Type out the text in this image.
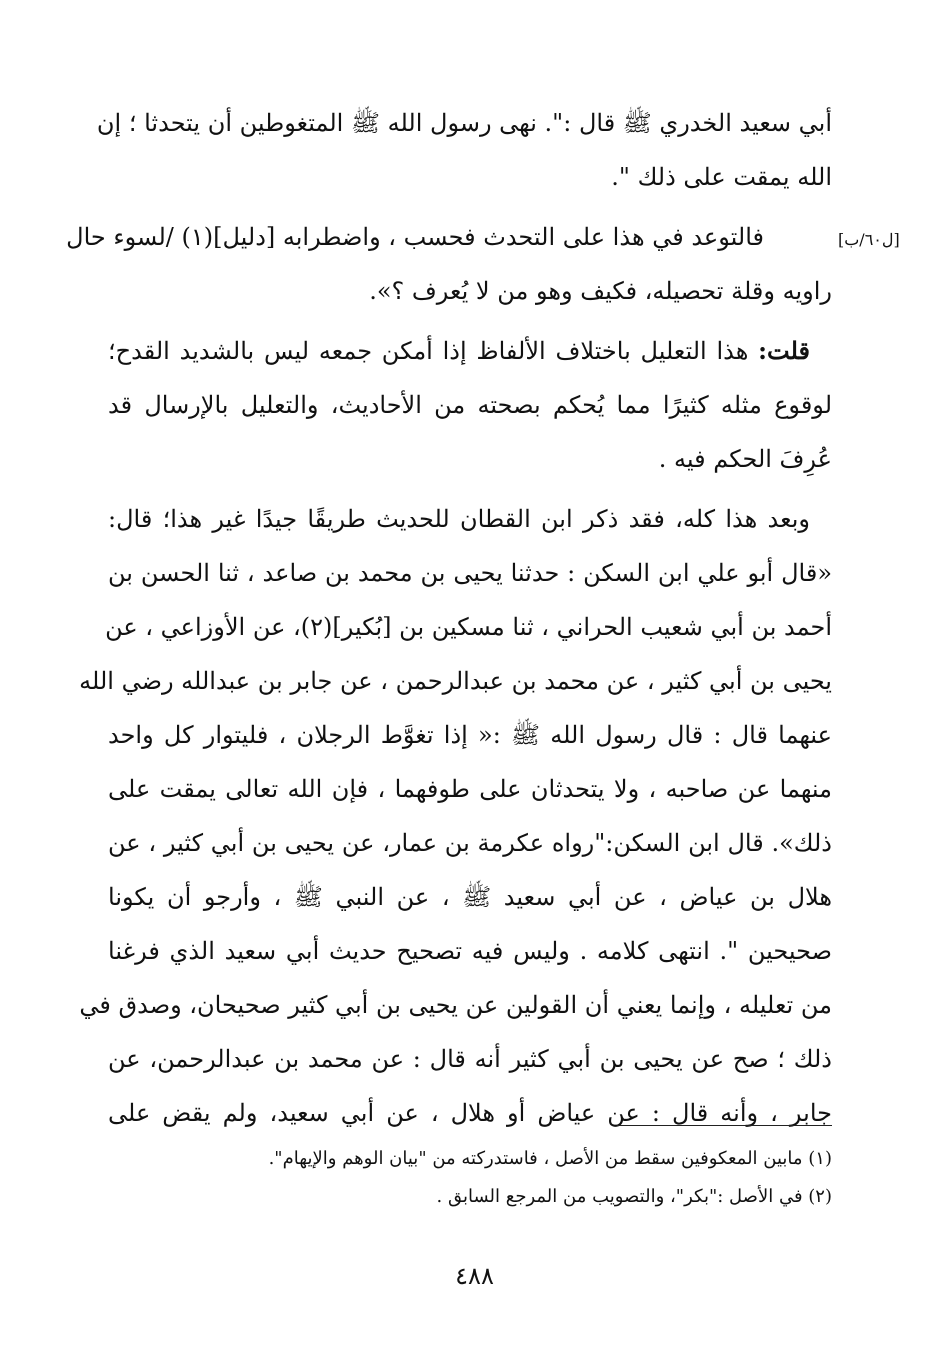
[ل٦٠/ب]
أبي سعيد الخدري ﷺ قال :". نهى رسول الله ﷺ المتغوطين أن يتحدثا ؛ إن
الله يمقت على ذلك ".
فالتوعد في هذا على التحدث فحسب ، واضطرابه [دليل](١) /لسوء حال
راويه وقلة تحصيله، فكيف وهو من لا يُعرف ؟».
قلت: هذا التعليل باختلاف الألفاظ إذا أمكن جمعه ليس بالشديد القدح؛
لوقوع مثله كثيرًا مما يُحكم بصحته من الأحاديث، والتعليل بالإرسال قد
عُرِفَ الحكم فيه .
وبعد هذا كله، فقد ذكر ابن القطان للحديث طريقًا جيدًا غير هذا؛ قال:
«قال أبو علي ابن السكن : حدثنا يحيى بن محمد بن صاعد ، ثنا الحسن بن
أحمد بن أبي شعيب الحراني ، ثنا مسكين بن [بُكير](٢)، عن الأوزاعي ، عن
يحيى بن أبي كثير ، عن محمد بن عبدالرحمن ، عن جابر بن عبدالله رضي الله
عنهما قال : قال رسول الله ﷺ :« إذا تغوَّط الرجلان ، فليتوار كل واحد
منهما عن صاحبه ، ولا يتحدثان على طوفهما ، فإن الله تعالى يمقت على
ذلك». قال ابن السكن:"رواه عكرمة بن عمار، عن يحيى بن أبي كثير ، عن
هلال بن عياض ، عن أبي سعيد ﷺ ، عن النبي ﷺ ، وأرجو أن يكونا
صحيحين ". انتهى كلامه . وليس فيه تصحيح حديث أبي سعيد الذي فرغنا
من تعليله ، وإنما يعني أن القولين عن يحيى بن أبي كثير صحيحان، وصدق في
ذلك ؛ صح عن يحيى بن أبي كثير أنه قال : عن محمد بن عبدالرحمن، عن
جابر ، وأنه قال : عن عياض أو هلال ، عن أبي سعيد، ولم يقض على
(١) مابين المعكوفين سقط من الأصل ، فاستدركته من "بيان الوهم والإيهام".
(٢) في الأصل :"بكر"، والتصويب من المرجع السابق .
٤٨٨
